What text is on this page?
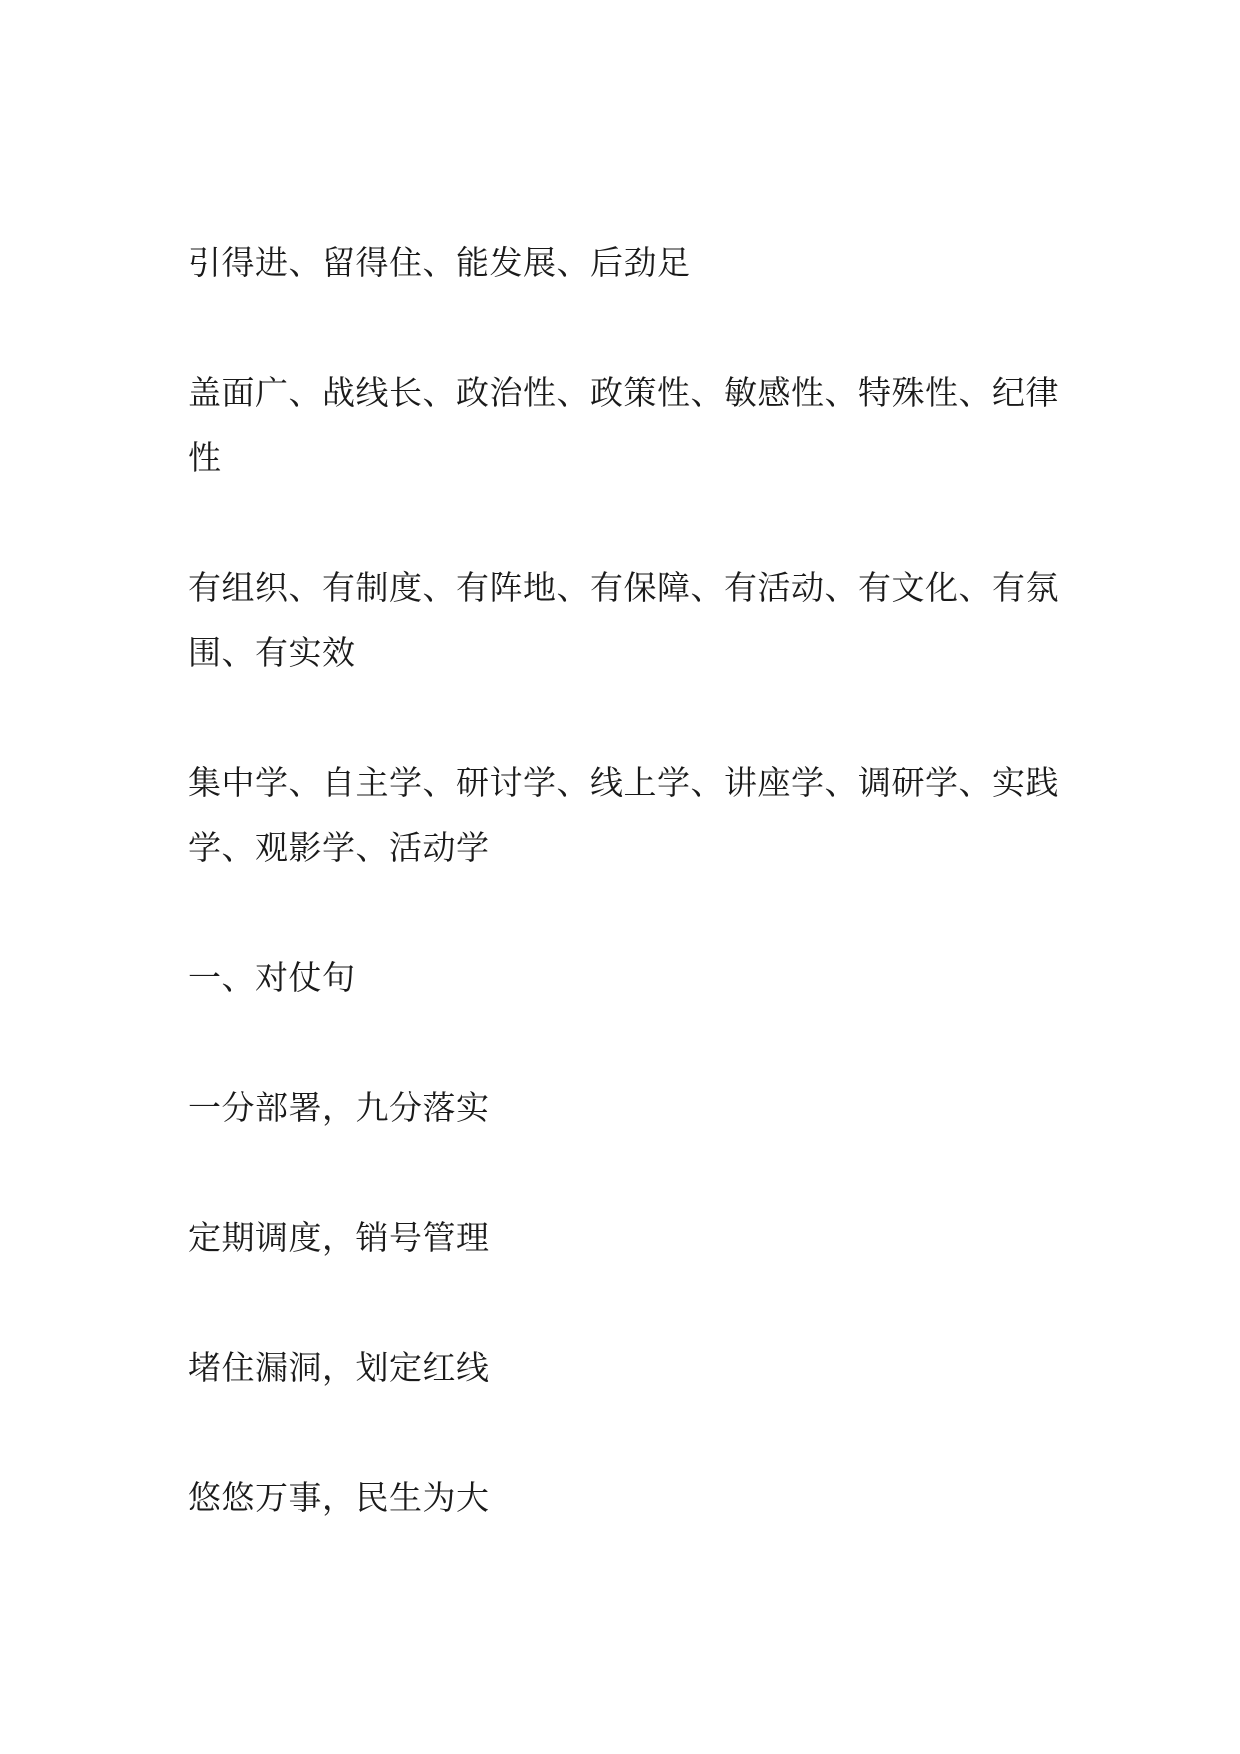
引得进、留得住、能发展、后劲足

盖面广、战线长、政治性、政策性、敏感性、特殊性、纪律性

有组织、有制度、有阵地、有保障、有活动、有文化、有氛围、有实效

集中学、自主学、研讨学、线上学、讲座学、调研学、实践学、观影学、活动学

一、对仗句

一分部署，九分落实

定期调度，销号管理

堵住漏洞，划定红线

悠悠万事，民生为大
